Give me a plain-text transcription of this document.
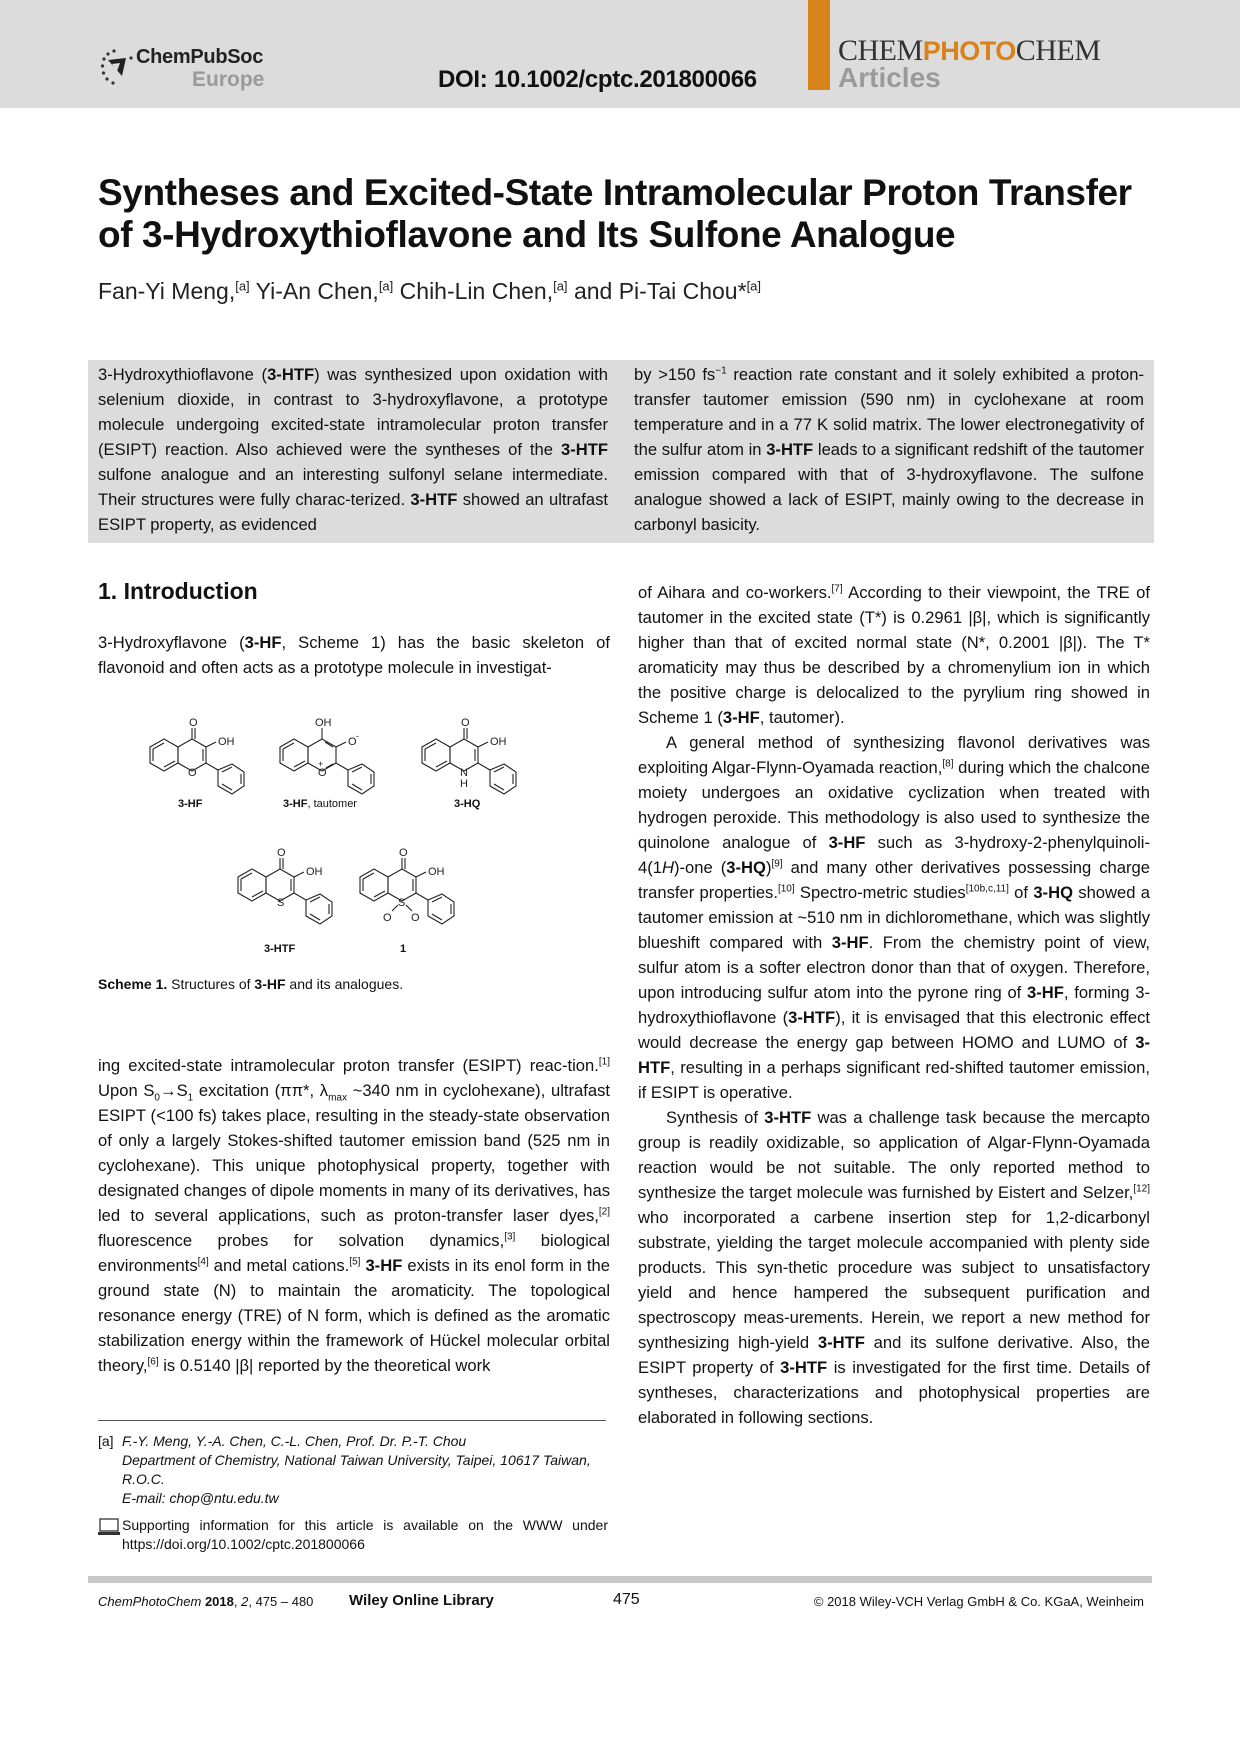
ChemPubSoc
Europe	DOI: 10.1002/cptc.201800066
CHEMPHOTOCHEM
Articles
Syntheses and Excited-State Intramolecular Proton Transfer of 3-Hydroxythioflavone and Its Sulfone Analogue
Fan-Yi Meng,[a] Yi-An Chen,[a] Chih-Lin Chen,[a] and Pi-Tai Chou*[a]
3-Hydroxythioflavone (3-HTF) was synthesized upon oxidation with selenium dioxide, in contrast to 3-hydroxyflavone, a prototype molecule undergoing excited-state intramolecular proton transfer (ESIPT) reaction. Also achieved were the syntheses of the 3-HTF sulfone analogue and an interesting sulfonyl selane intermediate. Their structures were fully charac-terized. 3-HTF showed an ultrafast ESIPT property, as evidenced
by >150 $fs^{-1}$ reaction rate constant and it solely exhibited a proton-transfer tautomer emission (590 nm) in cyclohexane at room temperature and in a 77 K solid matrix. The lower electronegativity of the sulfur atom in 3-HTF leads to a significant redshift of the tautomer emission compared with that of 3-hydroxyflavone. The sulfone analogue showed a lack of ESIPT, mainly owing to the decrease in carbonyl basicity.
1. Introduction

3-Hydroxyflavone (3-HF, Scheme 1) has the basic skeleton of flavonoid and often acts as a prototype molecule in investigat-

O
OH
O
3-HF
OH
O -
+
O
3-HF, tautomer
O
OH
N
H
3-HQ
O
OH
S
3-HTF
O
OH
S
O O
1
Scheme 1. Structures of 3-HF and its analogues.

ing excited-state intramolecular proton transfer (ESIPT) reac-tion.[1] Upon $S_0\to S_1$ excitation (ππ*, $\lambda_{max}$ ~340 nm in cyclohexane), ultrafast ESIPT (<100 fs) takes place, resulting in the steady-state observation of only a largely Stokes-shifted tautomer emission band (525 nm in cyclohexane). This unique photophysical property, together with designated changes of dipole moments in many of its derivatives, has led to several applications, such as proton-transfer laser dyes,[2] fluorescence probes for solvation dynamics,[3] biological environments[4] and metal cations.[5] 3-HF exists in its enol form in the ground state (N) to maintain the aromaticity. The topological resonance energy (TRE) of N form, which is defined as the aromatic stabilization energy within the framework of Hückel molecular orbital theory,[6] is 0.5140 |β| reported by the theoretical work

[a] F.-Y. Meng, Y.-A. Chen, C.-L. Chen, Prof. Dr. P.-T. Chou
Department of Chemistry, National Taiwan University, Taipei, 10617 Taiwan, R.O.C.
E-mail: chop@ntu.edu.tw
Supporting information for this article is available on the WWW under https://doi.org/10.1002/cptc.201800066

of Aihara and co-workers.[7] According to their viewpoint, the TRE of tautomer in the excited state (T*) is 0.2961 |β|, which is significantly higher than that of excited normal state (N*, 0.2001 |β|). The T* aromaticity may thus be described by a chromenylium ion in which the positive charge is delocalized to the pyrylium ring showed in Scheme 1 (3-HF, tautomer).

A general method of synthesizing flavonol derivatives was exploiting Algar-Flynn-Oyamada reaction,[8] during which the chalcone moiety undergoes an oxidative cyclization when treated with hydrogen peroxide. This methodology is also used to synthesize the quinolone analogue of 3-HF such as 3-hydroxy-2-phenylquinoli-4(1H)-one (3-HQ)[9] and many other derivatives possessing charge transfer properties.[10] Spectro-metric studies[10b,c,11] of 3-HQ showed a tautomer emission at ~510 nm in dichloromethane, which was slightly blueshift compared with 3-HF. From the chemistry point of view, sulfur atom is a softer electron donor than that of oxygen. Therefore, upon introducing sulfur atom into the pyrone ring of 3-HF, forming 3-hydroxythioflavone (3-HTF), it is envisaged that this electronic effect would decrease the energy gap between HOMO and LUMO of 3-HTF, resulting in a perhaps significant red-shifted tautomer emission, if ESIPT is operative.

Synthesis of 3-HTF was a challenge task because the mercapto group is readily oxidizable, so application of Algar-Flynn-Oyamada reaction would be not suitable. The only reported method to synthesize the target molecule was furnished by Eistert and Selzer,[12] who incorporated a carbene insertion step for 1,2-dicarbonyl substrate, yielding the target molecule accompanied with plenty side products. This syn-thetic procedure was subject to unsatisfactory yield and hence hampered the subsequent purification and spectroscopy meas-urements. Herein, we report a new method for synthesizing high-yield 3-HTF and its sulfone derivative. Also, the ESIPT property of 3-HTF is investigated for the first time. Details of syntheses, characterizations and photophysical properties are elaborated in following sections.

ChemPhotoChem 2018, 2, 475 – 480 Wiley Online Library	475	© 2018 Wiley-VCH Verlag GmbH & Co. KGaA, Weinheim
